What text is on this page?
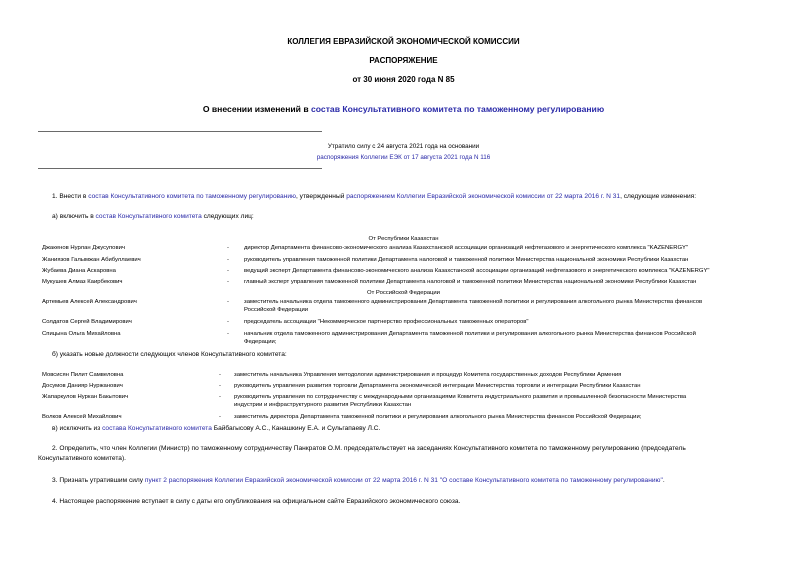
КОЛЛЕГИЯ ЕВРАЗИЙСКОЙ ЭКОНОМИЧЕСКОЙ КОМИССИИ
РАСПОРЯЖЕНИЕ
от 30 июня 2020 года N 85
О внесении изменений в состав Консультативного комитета по таможенному регулированию
Утратило силу с 24 августа 2021 года на основании
распоряжения Коллегии ЕЭК от 17 августа 2021 года N 116
1. Внести в состав Консультативного комитета по таможенному регулированию, утвержденный распоряжением Коллегии Евразийской экономической комиссии от 22 марта 2016 г. N 31, следующие изменения:
а) включить в состав Консультативного комитета следующих лиц:
От Республики Казахстан
Джакенов Нурлан Джусупович	-	директор Департамента финансово-экономического анализа Казахстанской ассоциации организаций нефтегазового и энергетического комплекса "KAZENERGY"
Жаниязов Галымжан Абибуллаевич	-	руководитель управления таможенной политики Департамента налоговой и таможенной политики Министерства национальной экономики Республики Казахстан
Жубаева Диана Аскаровна	-	ведущий эксперт Департамента финансово-экономического анализа Казахстанской ассоциации организаций нефтегазового и энергетического комплекса "KAZENERGY"
Мукушев Алмаз Каирбекович	-	главный эксперт управления таможенной политики Департамента налоговой и таможенной политики Министерства национальной экономики Республики Казахстан
От Российской Федерации
Артемьев Алексей Александрович	-	заместитель начальника отдела таможенного администрирования Департамента таможенной политики и регулирования алкогольного рынка Министерства финансов
Российской Федерации
Солдатов Сергей Владимирович	-	председатель ассоциации "Некоммерческое партнерство профессиональных таможенных операторов"
Спицына Ольга Михайловна	-	начальник отдела таможенного администрирования Департамента таможенной политики и регулирования алкогольного рынка Министерства финансов Российской
Федерации;
б) указать новые должности следующих членов Консультативного комитета:
Мовсисян Пилит Самвеловна	-	заместитель начальника Управления методологии администрирования и процедур Комитета государственных доходов Республики Армения
Досумов Данияр Нуржанович	-	руководитель управления развития торговли Департамента экономической интеграции Министерства торговли и интеграции Республики Казахстан
Жапаркулов Нуркан Бакытович	-	руководитель управления по сотрудничеству с международными организациями Комитета индустриального развития и промышленной безопасности Министерства
индустрии и инфраструктурного развития Республики Казахстан
Волков Алексей Михайлович	-	заместитель директора Департамента таможенной политики и регулирования алкогольного рынка Министерства финансов Российской Федерации;
в) исключить из состава Консультативного комитета Байбагысову А.С., Канашкину Е.А. и Сульгапаеву Л.С.
2. Определить, что член Коллегии (Министр) по таможенному сотрудничеству Панкратов О.М. председательствует на заседаниях Консультативного комитета по таможенному регулированию (председатель
Консультативного комитета).
3. Признать утратившим силу пункт 2 распоряжения Коллегии Евразийской экономической комиссии от 22 марта 2016 г. N 31 "О составе Консультативного комитета по таможенному регулированию".
4. Настоящее распоряжение вступает в силу с даты его опубликования на официальном сайте Евразийского экономического союза.
